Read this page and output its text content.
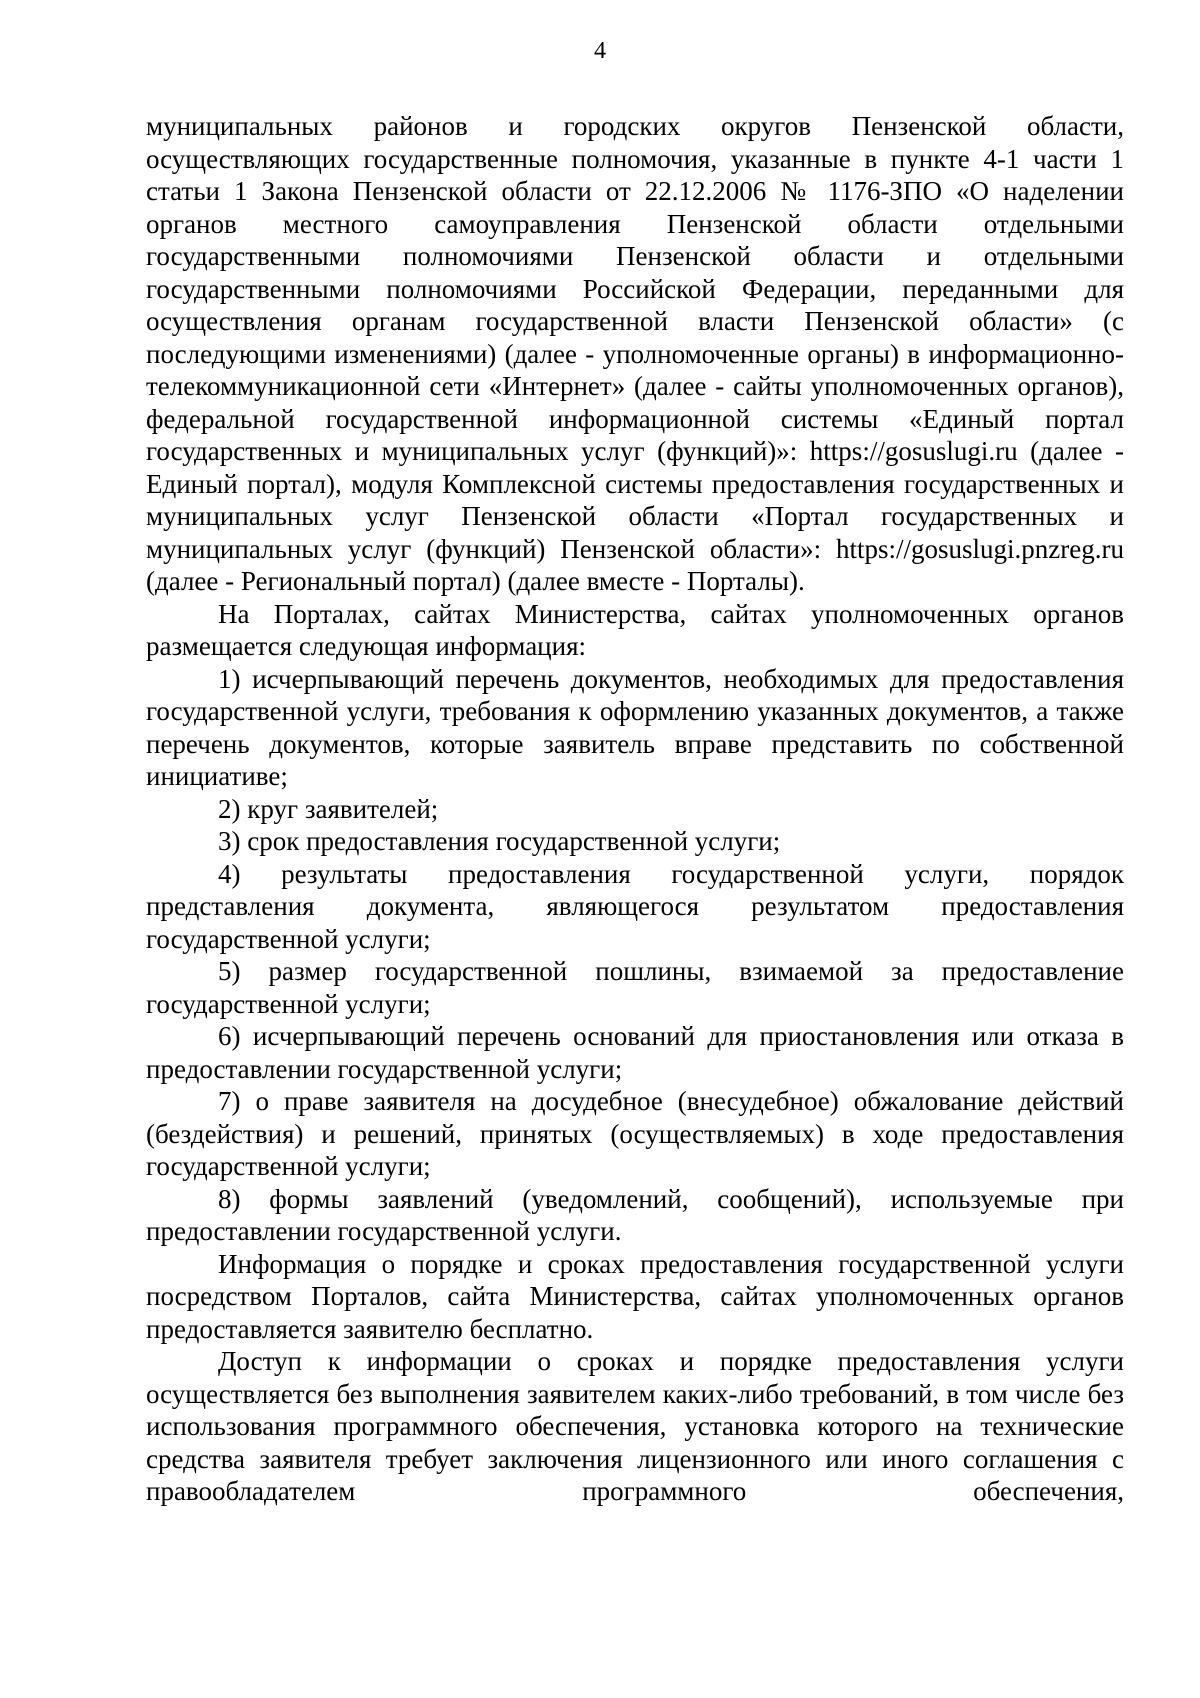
4

муниципальных районов и городских округов Пензенской области, осуществляющих государственные полномочия, указанные в пункте 4-1 части 1 статьи 1 Закона Пензенской области от 22.12.2006 № 1176-ЗПО «О наделении органов местного самоуправления Пензенской области отдельными государственными полномочиями Пензенской области и отдельными государственными полномочиями Российской Федерации, переданными для осуществления органам государственной власти Пензенской области» (с последующими изменениями) (далее - уполномоченные органы) в информационно-телекоммуникационной сети «Интернет» (далее - сайты уполномоченных органов), федеральной государственной информационной системы «Единый портал государственных и муниципальных услуг (функций)»: https://gosuslugi.ru (далее - Единый портал), модуля Комплексной системы предоставления государственных и муниципальных услуг Пензенской области «Портал государственных и муниципальных услуг (функций) Пензенской области»: https://gosuslugi.pnzreg.ru (далее - Региональный портал) (далее вместе - Порталы).

На Порталах, сайтах Министерства, сайтах уполномоченных органов размещается следующая информация:

1) исчерпывающий перечень документов, необходимых для предоставления государственной услуги, требования к оформлению указанных документов, а также перечень документов, которые заявитель вправе представить по собственной инициативе;

2) круг заявителей;

3) срок предоставления государственной услуги;

4) результаты предоставления государственной услуги, порядок представления документа, являющегося результатом предоставления государственной услуги;

5) размер государственной пошлины, взимаемой за предоставление государственной услуги;

6) исчерпывающий перечень оснований для приостановления или отказа в предоставлении государственной услуги;

7) о праве заявителя на досудебное (внесудебное) обжалование действий (бездействия) и решений, принятых (осуществляемых) в ходе предоставления государственной услуги;

8) формы заявлений (уведомлений, сообщений), используемые при предоставлении государственной услуги.

Информация о порядке и сроках предоставления государственной услуги посредством Порталов, сайта Министерства, сайтах уполномоченных органов предоставляется заявителю бесплатно.

Доступ к информации о сроках и порядке предоставления услуги осуществляется без выполнения заявителем каких-либо требований, в том числе без использования программного обеспечения, установка которого на технические средства заявителя требует заключения лицензионного или иного соглашения с правообладателем программного обеспечения,
